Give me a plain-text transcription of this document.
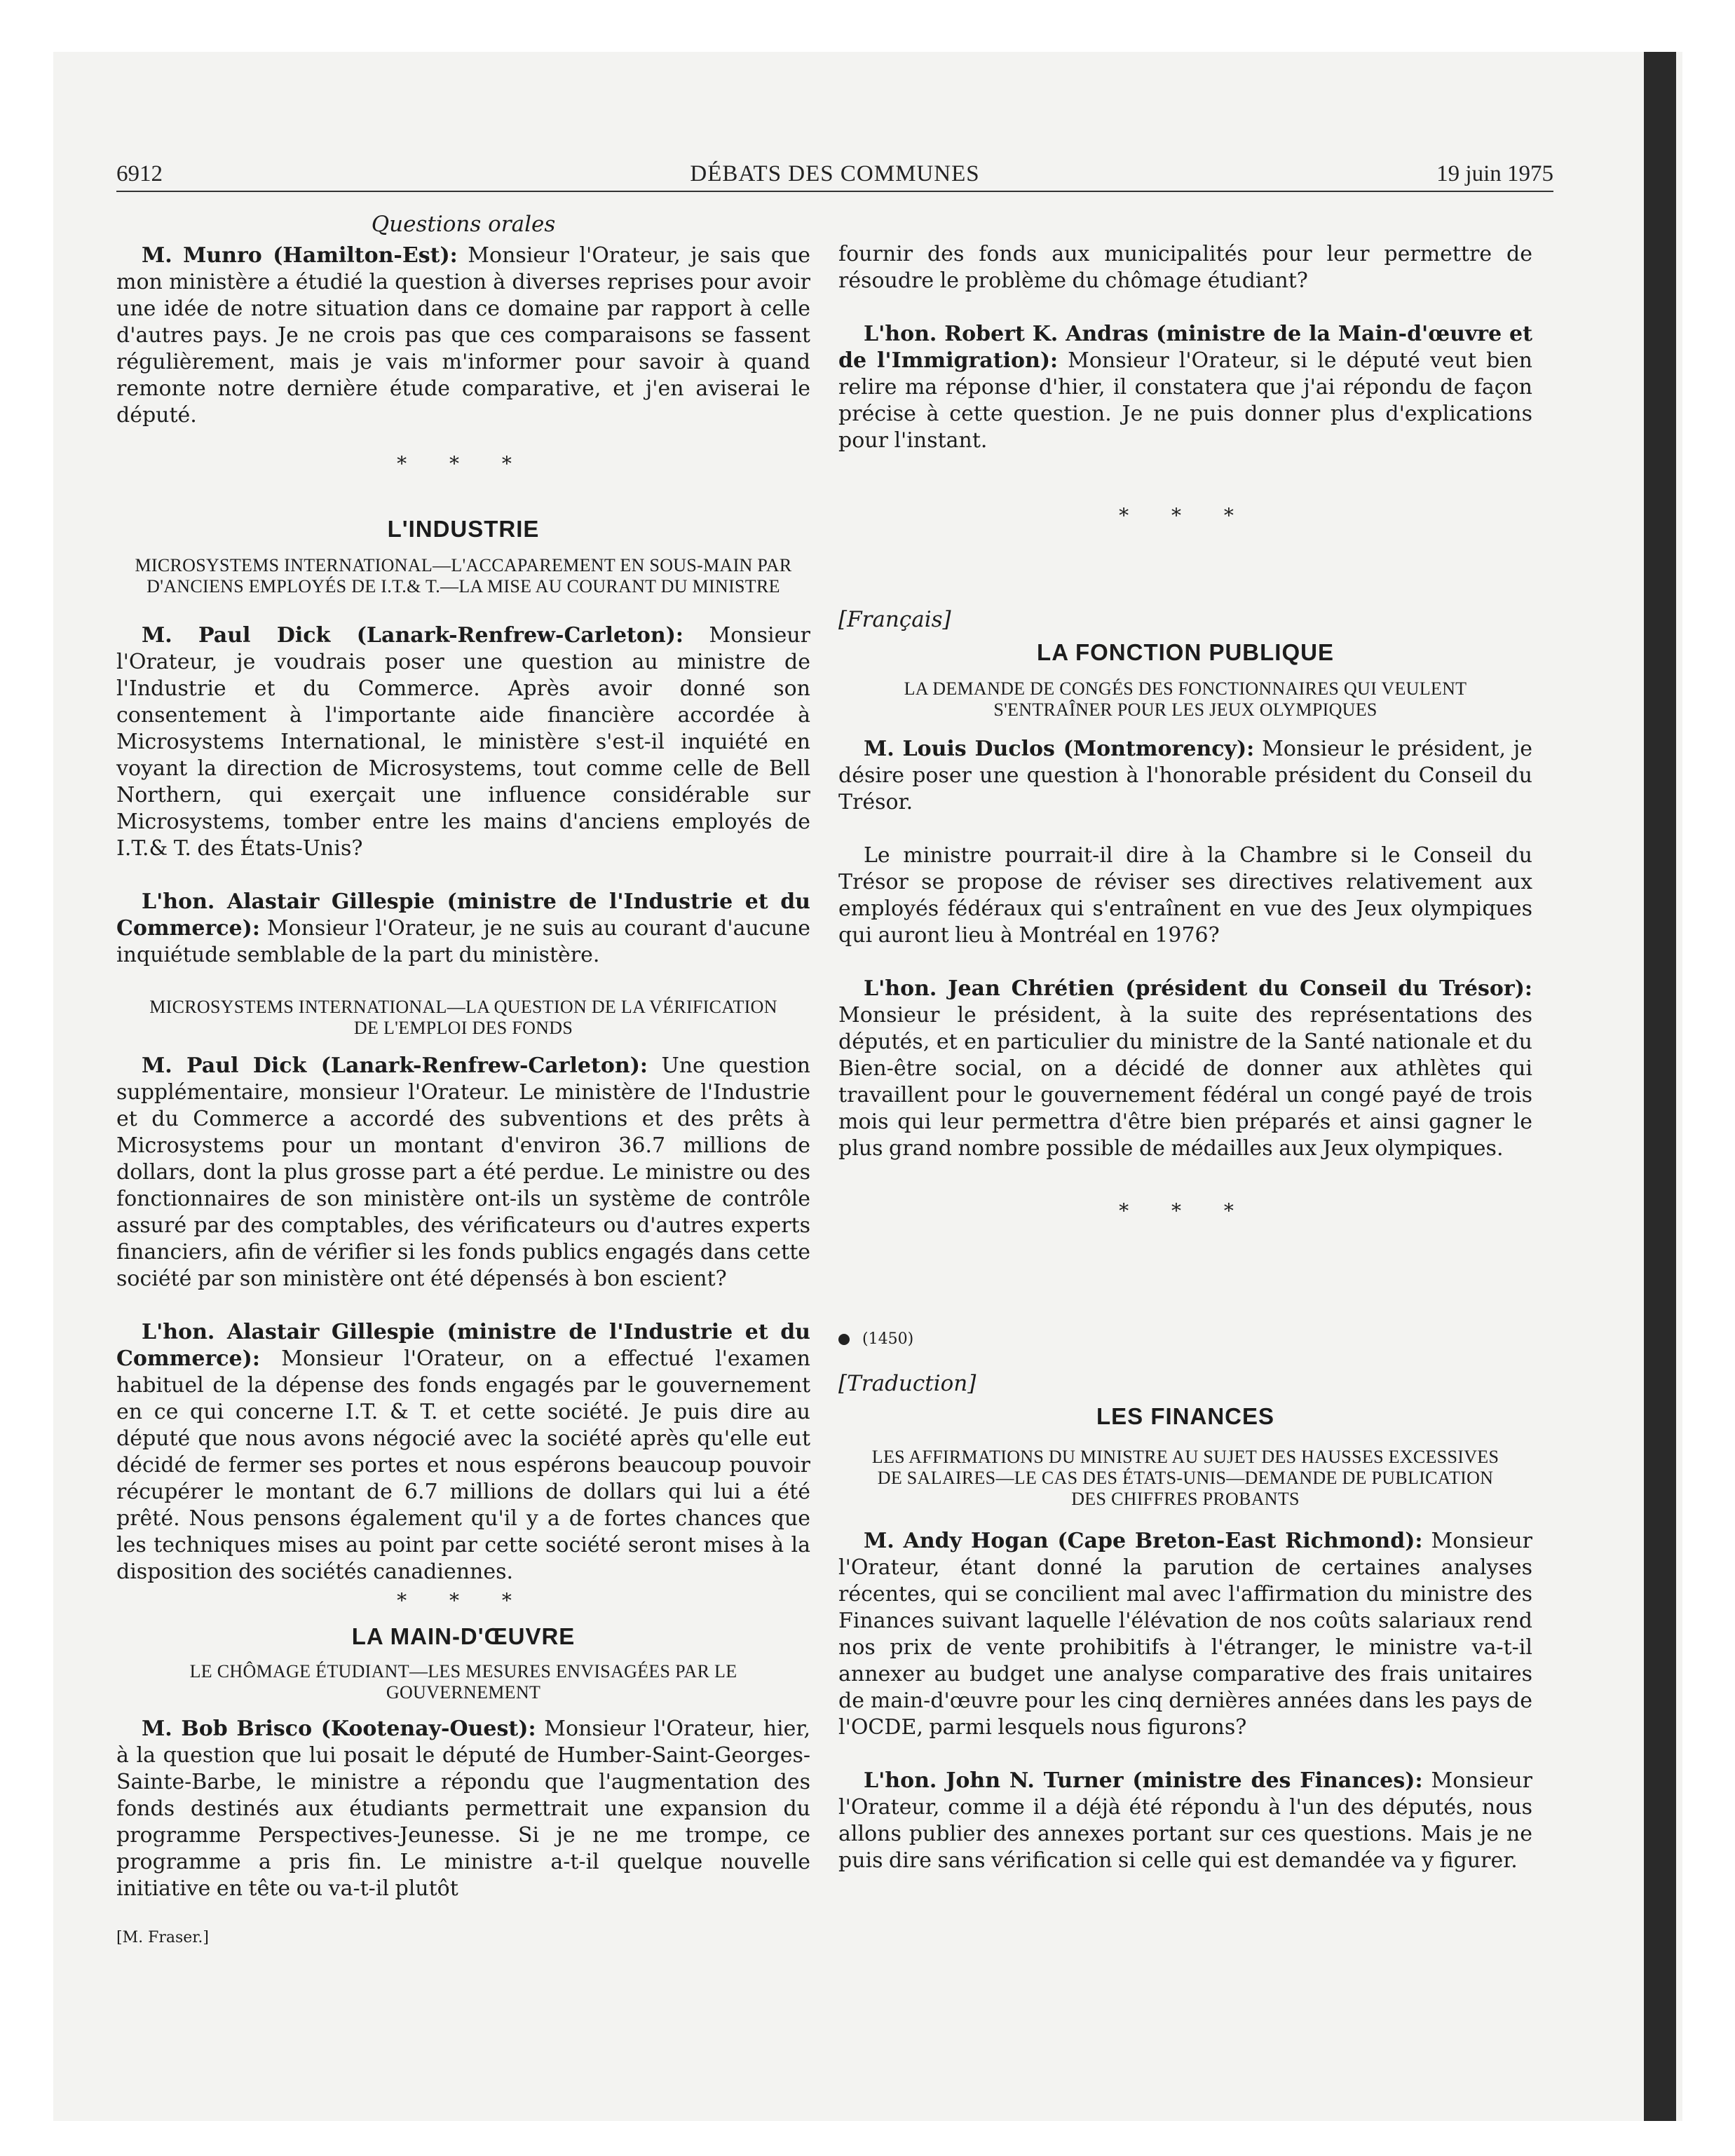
6912	DÉBATS DES COMMUNES	19 juin 1975
Questions orales

M. Munro (Hamilton-Est): Monsieur l'Orateur, je sais que mon ministère a étudié la question à diverses reprises pour avoir une idée de notre situation dans ce domaine par rapport à celle d'autres pays. Je ne crois pas que ces comparaisons se fassent régulièrement, mais je vais m'informer pour savoir à quand remonte notre dernière étude comparative, et j'en aviserai le député.

* * *
L'INDUSTRIE
MICROSYSTEMS INTERNATIONAL—L'ACCAPAREMENT EN SOUS-MAIN PAR D'ANCIENS EMPLOYÉS DE I.T.& T.—LA MISE AU COURANT DU MINISTRE

M. Paul Dick (Lanark-Renfrew-Carleton): Monsieur l'Orateur, je voudrais poser une question au ministre de l'Industrie et du Commerce. Après avoir donné son consentement à l'importante aide financière accordée à Microsystems International, le ministère s'est-il inquiété en voyant la direction de Microsystems, tout comme celle de Bell Northern, qui exerçait une influence considérable sur Microsystems, tomber entre les mains d'anciens employés de I.T.& T. des États-Unis?

L'hon. Alastair Gillespie (ministre de l'Industrie et du Commerce): Monsieur l'Orateur, je ne suis au courant d'aucune inquiétude semblable de la part du ministère.

MICROSYSTEMS INTERNATIONAL—LA QUESTION DE LA VÉRIFICATION DE L'EMPLOI DES FONDS

M. Paul Dick (Lanark-Renfrew-Carleton): Une question supplémentaire, monsieur l'Orateur. Le ministère de l'Industrie et du Commerce a accordé des subventions et des prêts à Microsystems pour un montant d'environ 36.7 millions de dollars, dont la plus grosse part a été perdue. Le ministre ou des fonctionnaires de son ministère ont-ils un système de contrôle assuré par des comptables, des vérificateurs ou d'autres experts financiers, afin de vérifier si les fonds publics engagés dans cette société par son ministère ont été dépensés à bon escient?

L'hon. Alastair Gillespie (ministre de l'Industrie et du Commerce): Monsieur l'Orateur, on a effectué l'examen habituel de la dépense des fonds engagés par le gouvernement en ce qui concerne I.T. & T. et cette société. Je puis dire au député que nous avons négocié avec la société après qu'elle eut décidé de fermer ses portes et nous espérons beaucoup pouvoir récupérer le montant de 6.7 millions de dollars qui lui a été prêté. Nous pensons également qu'il y a de fortes chances que les techniques mises au point par cette société seront mises à la disposition des sociétés canadiennes.

* * *
LA MAIN-D'ŒUVRE
LE CHÔMAGE ÉTUDIANT—LES MESURES ENVISAGÉES PAR LE GOUVERNEMENT

M. Bob Brisco (Kootenay-Ouest): Monsieur l'Orateur, hier, à la question que lui posait le député de Humber-Saint-Georges-Sainte-Barbe, le ministre a répondu que l'augmentation des fonds destinés aux étudiants permettrait une expansion du programme Perspectives-Jeunesse. Si je ne me trompe, ce programme a pris fin. Le ministre a-t-il quelque nouvelle initiative en tête ou va-t-il plutôt

[M. Fraser.]

fournir des fonds aux municipalités pour leur permettre de résoudre le problème du chômage étudiant?

L'hon. Robert K. Andras (ministre de la Main-d'œuvre et de l'Immigration): Monsieur l'Orateur, si le député veut bien relire ma réponse d'hier, il constatera que j'ai répondu de façon précise à cette question. Je ne puis donner plus d'explications pour l'instant.

* * *
[Français]
LA FONCTION PUBLIQUE
LA DEMANDE DE CONGÉS DES FONCTIONNAIRES QUI VEULENT S'ENTRAÎNER POUR LES JEUX OLYMPIQUES

M. Louis Duclos (Montmorency): Monsieur le président, je désire poser une question à l'honorable président du Conseil du Trésor.

Le ministre pourrait-il dire à la Chambre si le Conseil du Trésor se propose de réviser ses directives relativement aux employés fédéraux qui s'entraînent en vue des Jeux olympiques qui auront lieu à Montréal en 1976?

L'hon. Jean Chrétien (président du Conseil du Trésor): Monsieur le président, à la suite des représentations des députés, et en particulier du ministre de la Santé nationale et du Bien-être social, on a décidé de donner aux athlètes qui travaillent pour le gouvernement fédéral un congé payé de trois mois qui leur permettra d'être bien préparés et ainsi gagner le plus grand nombre possible de médailles aux Jeux olympiques.

* * *
(1450)
[Traduction]
LES FINANCES
LES AFFIRMATIONS DU MINISTRE AU SUJET DES HAUSSES EXCESSIVES DE SALAIRES—LE CAS DES ÉTATS-UNIS—DEMANDE DE PUBLICATION DES CHIFFRES PROBANTS

M. Andy Hogan (Cape Breton-East Richmond): Monsieur l'Orateur, étant donné la parution de certaines analyses récentes, qui se concilient mal avec l'affirmation du ministre des Finances suivant laquelle l'élévation de nos coûts salariaux rend nos prix de vente prohibitifs à l'étranger, le ministre va-t-il annexer au budget une analyse comparative des frais unitaires de main-d'œuvre pour les cinq dernières années dans les pays de l'OCDE, parmi lesquels nous figurons?

L'hon. John N. Turner (ministre des Finances): Monsieur l'Orateur, comme il a déjà été répondu à l'un des députés, nous allons publier des annexes portant sur ces questions. Mais je ne puis dire sans vérification si celle qui est demandée va y figurer.
